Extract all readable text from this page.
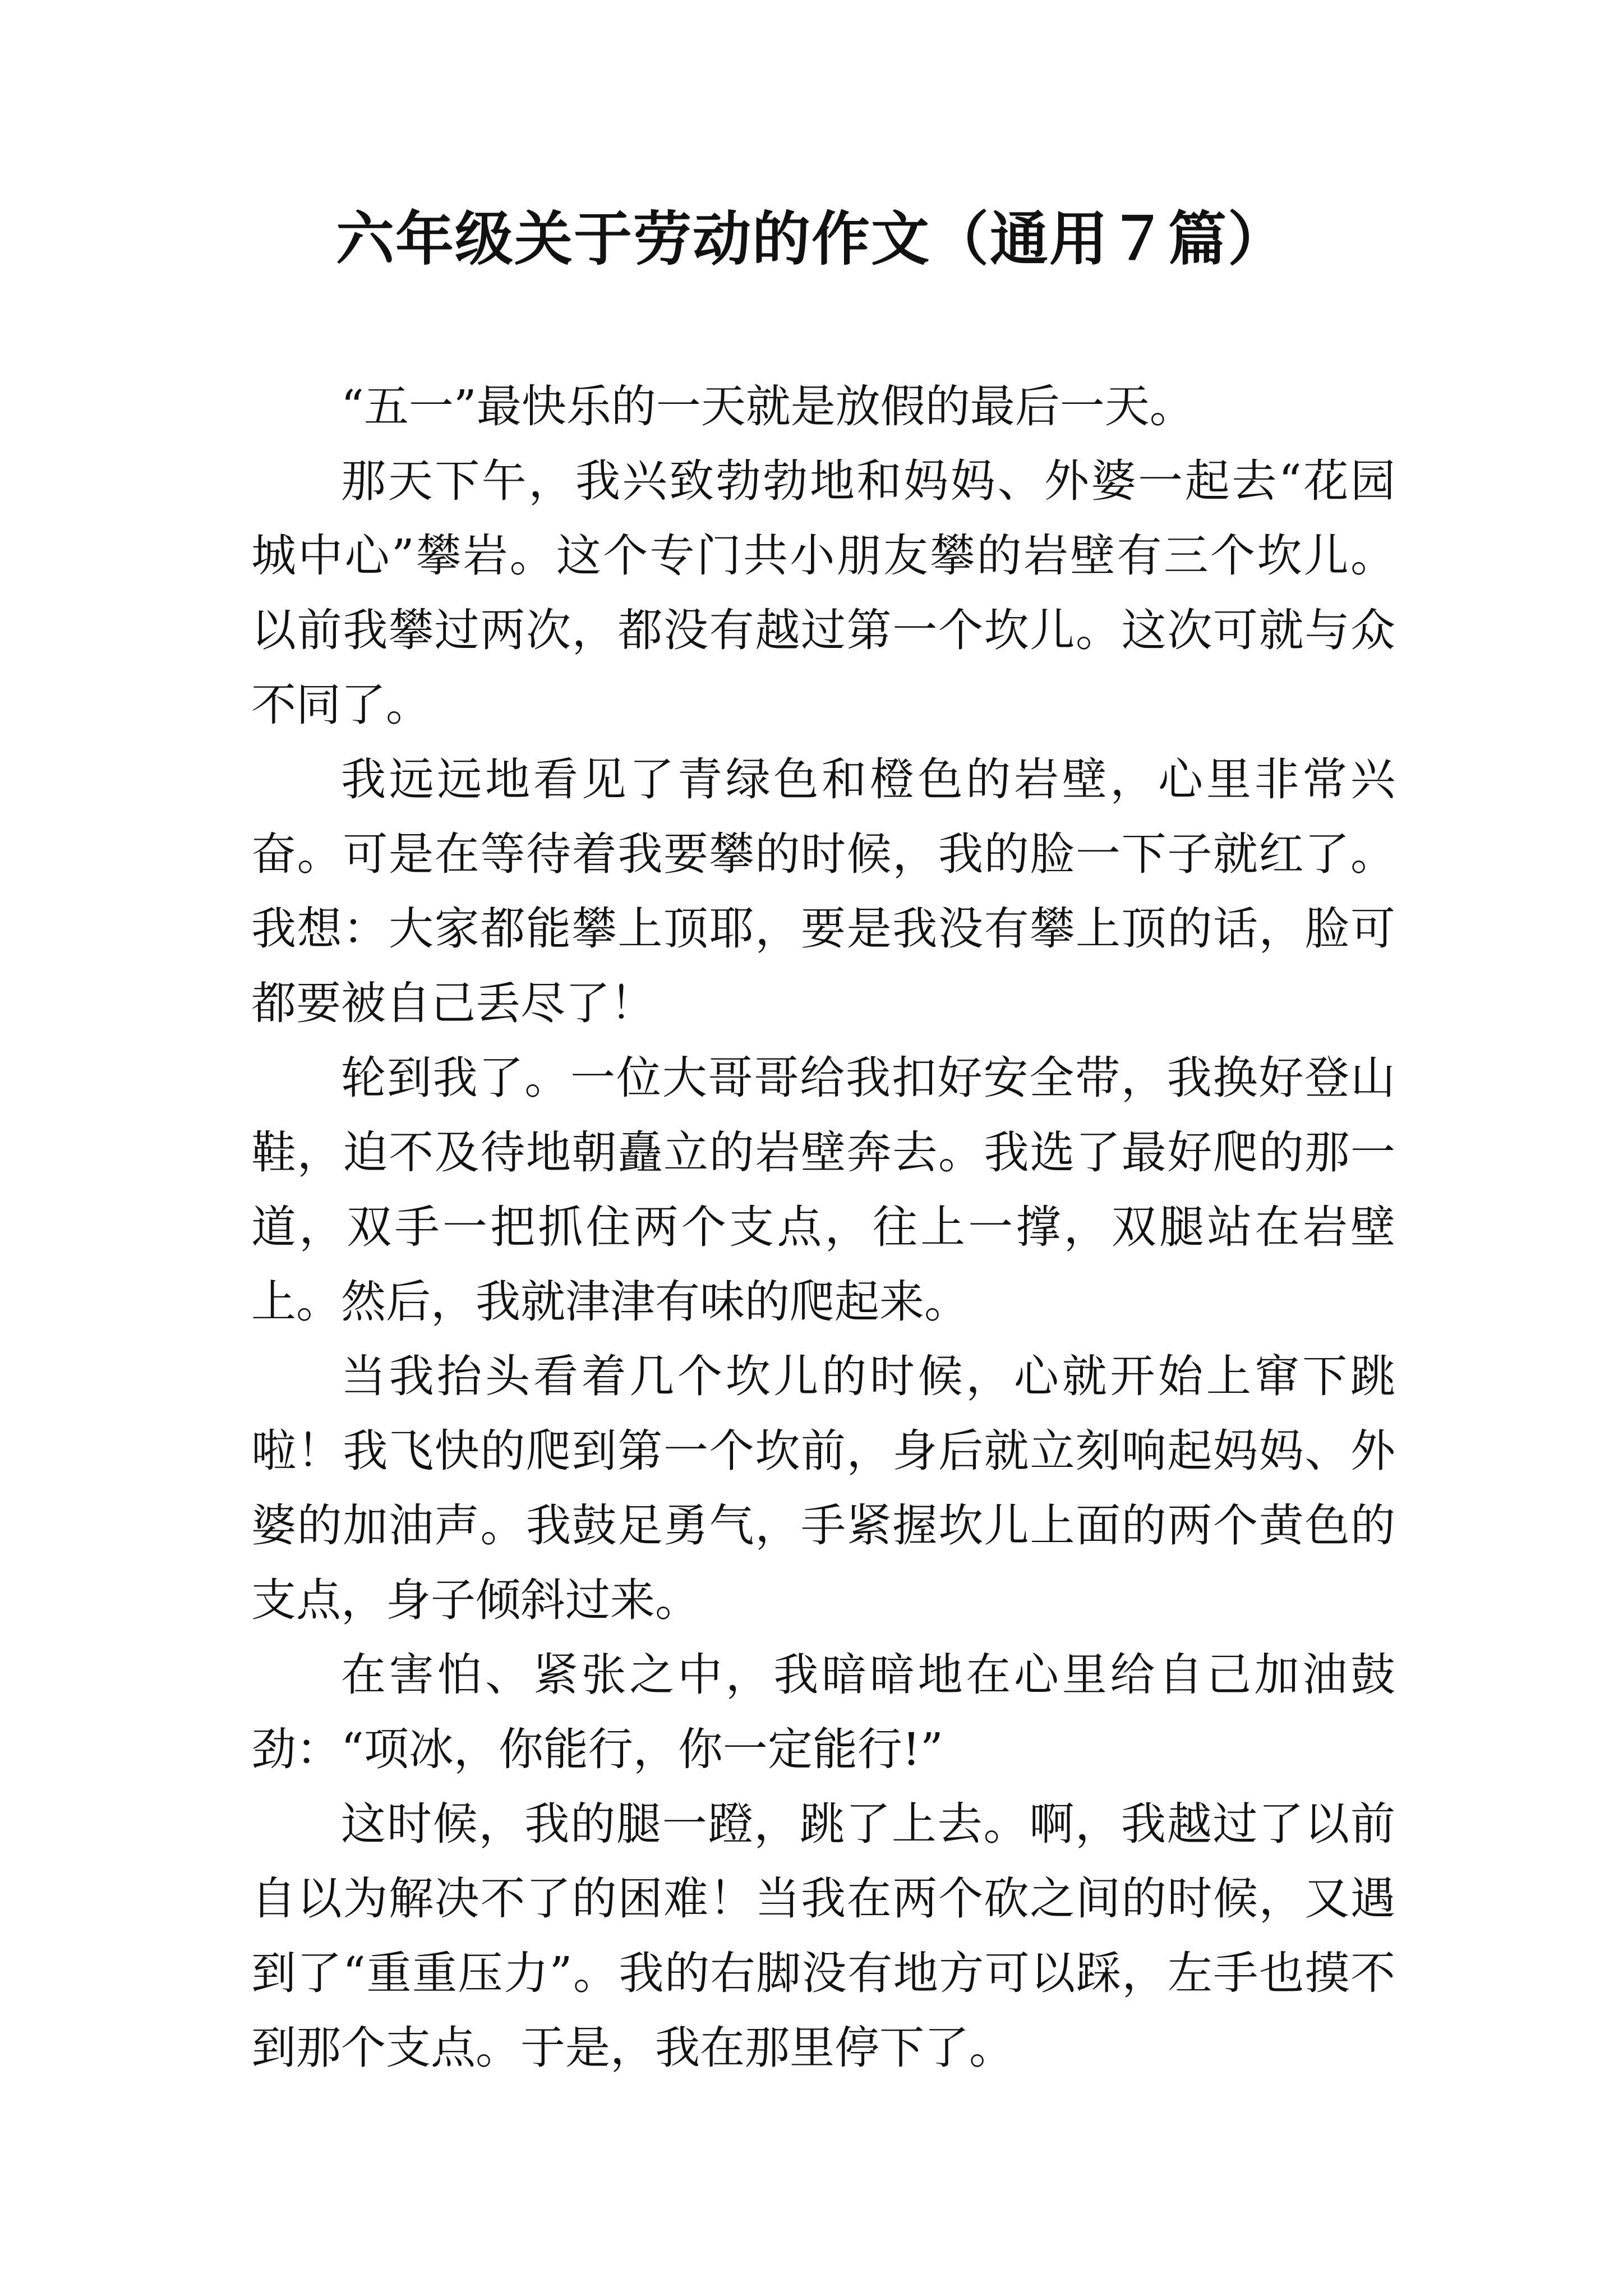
六年级关于劳动的作文（通用７篇）

“五一”最快乐的一天就是放假的最后一天。

那天下午，我兴致勃勃地和妈妈、外婆一起去“花园城中心”攀岩。这个专门共小朋友攀的岩壁有三个坎儿。以前我攀过两次，都没有越过第一个坎儿。这次可就与众不同了。

我远远地看见了青绿色和橙色的岩壁，心里非常兴奋。可是在等待着我要攀的时候，我的脸一下子就红了。我想：大家都能攀上顶耶，要是我没有攀上顶的话，脸可都要被自己丢尽了！

轮到我了。一位大哥哥给我扣好安全带，我换好登山鞋，迫不及待地朝矗立的岩壁奔去。我选了最好爬的那一道，双手一把抓住两个支点，往上一撑，双腿站在岩壁上。然后，我就津津有味的爬起来。

当我抬头看着几个坎儿的时候，心就开始上窜下跳啦！我飞快的爬到第一个坎前，身后就立刻响起妈妈、外婆的加油声。我鼓足勇气，手紧握坎儿上面的两个黄色的支点，身子倾斜过来。

在害怕、紧张之中，我暗暗地在心里给自己加油鼓劲：“项冰，你能行，你一定能行!”

这时候，我的腿一蹬，跳了上去。啊，我越过了以前自以为解决不了的困难！当我在两个砍之间的时候，又遇到了“重重压力”。我的右脚没有地方可以踩，左手也摸不到那个支点。于是，我在那里停下了。
